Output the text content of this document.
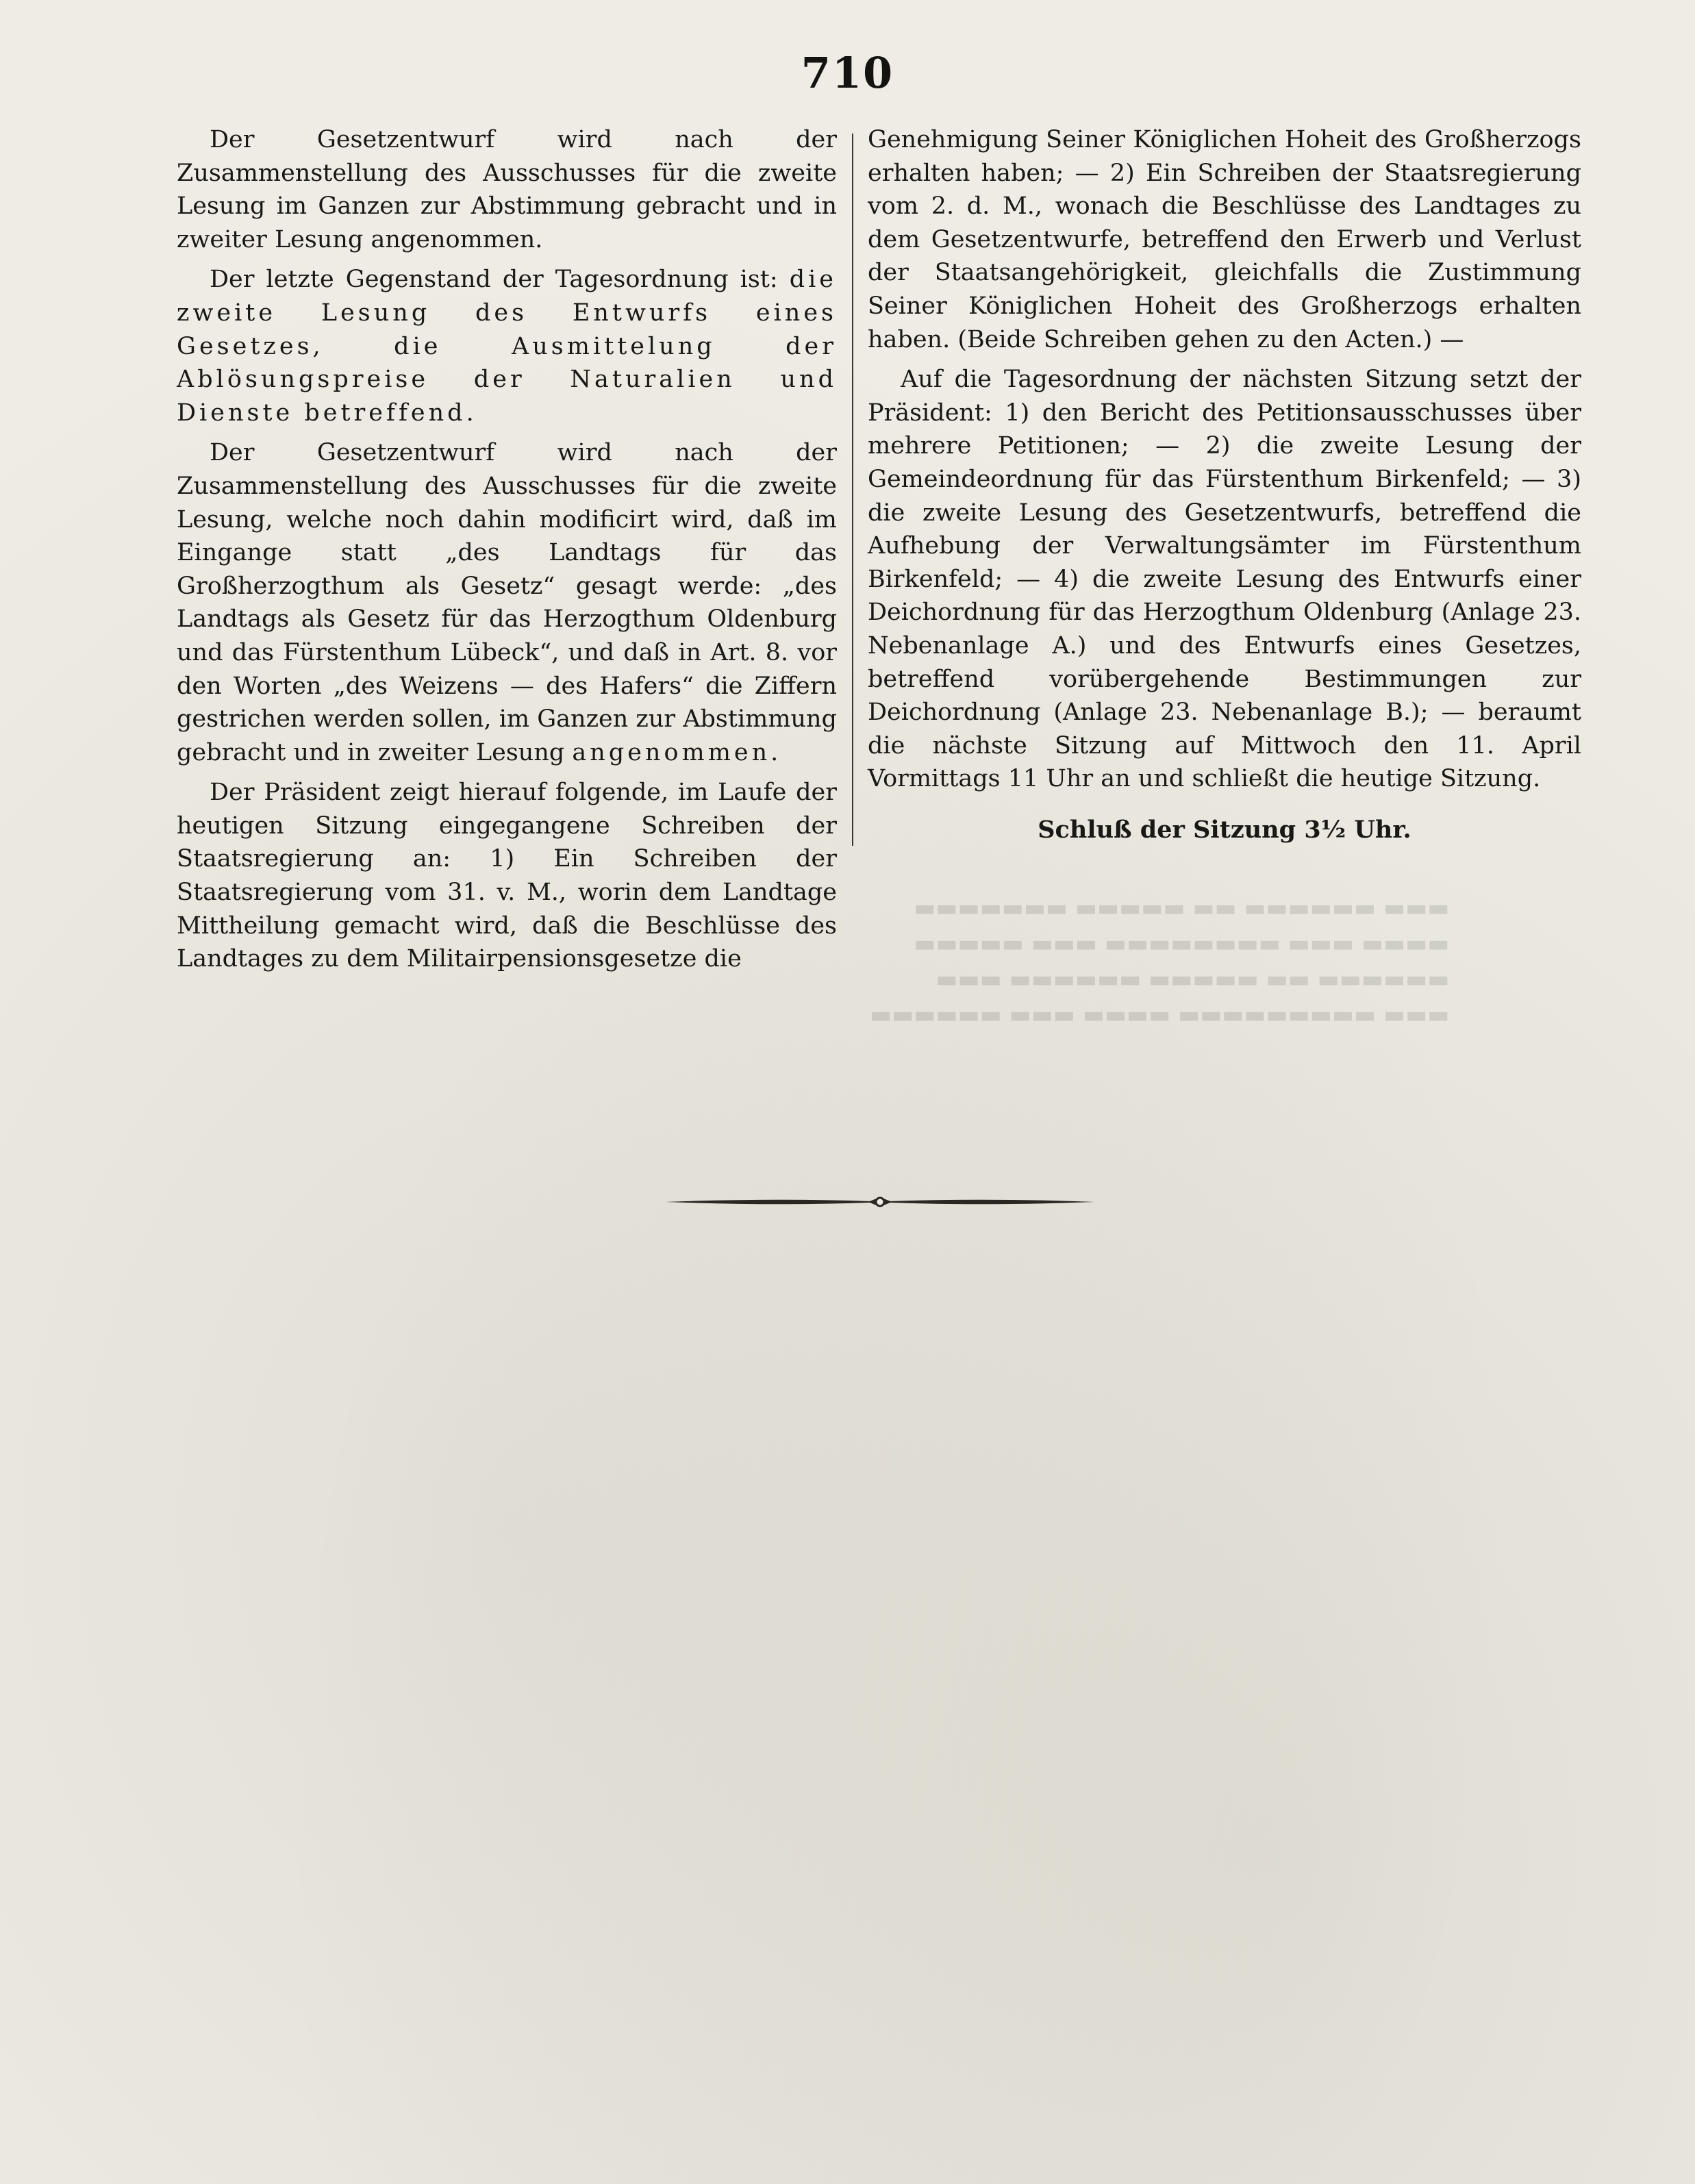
▬▬▬ ▬▬▬▬▬▬ ▬▬ ▬▬▬▬▬ ▬▬▬▬▬▬▬
▬▬▬▬ ▬▬▬ ▬▬▬▬▬▬▬▬ ▬▬▬ ▬▬▬▬▬
▬▬▬▬▬▬ ▬▬ ▬▬▬▬▬ ▬▬▬▬▬▬ ▬▬▬
▬▬▬ ▬▬▬▬▬▬▬▬▬ ▬▬▬▬ ▬▬▬ ▬▬▬▬▬▬
710

Der Gesetzentwurf wird nach der Zusammenstellung des Ausschusses für die zweite Lesung im Ganzen zur Abstimmung gebracht und in zweiter Lesung angenommen.

Der letzte Gegenstand der Tagesordnung ist: die zweite Lesung des Entwurfs eines Gesetzes, die Ausmittelung der Ablösungspreise der Naturalien und Dienste betreffend.

Der Gesetzentwurf wird nach der Zusammenstellung des Ausschusses für die zweite Lesung, welche noch dahin modificirt wird, daß im Eingange statt „des Landtags für das Großherzogthum als Gesetz“ gesagt werde: „des Landtags als Gesetz für das Herzogthum Oldenburg und das Fürstenthum Lübeck“, und daß in Art. 8. vor den Worten „des Weizens — des Hafers“ die Ziffern gestrichen werden sollen, im Ganzen zur Abstimmung gebracht und in zweiter Lesung angenommen.

Der Präsident zeigt hierauf folgende, im Laufe der heutigen Sitzung eingegangene Schreiben der Staatsregierung an: 1) Ein Schreiben der Staatsregierung vom 31. v. M., worin dem Landtage Mittheilung gemacht wird, daß die Beschlüsse des Landtages zu dem Militairpensionsgesetze die

Genehmigung Seiner Königlichen Hoheit des Großherzogs erhalten haben; — 2) Ein Schreiben der Staatsregierung vom 2. d. M., wonach die Beschlüsse des Landtages zu dem Gesetzentwurfe, betreffend den Erwerb und Verlust der Staatsangehörigkeit, gleichfalls die Zustimmung Seiner Königlichen Hoheit des Großherzogs erhalten haben. (Beide Schreiben gehen zu den Acten.) —

Auf die Tagesordnung der nächsten Sitzung setzt der Präsident: 1) den Bericht des Petitionsausschusses über mehrere Petitionen; — 2) die zweite Lesung der Gemeindeordnung für das Fürstenthum Birkenfeld; — 3) die zweite Lesung des Gesetzentwurfs, betreffend die Aufhebung der Verwaltungsämter im Fürstenthum Birkenfeld; — 4) die zweite Lesung des Entwurfs einer Deichordnung für das Herzogthum Oldenburg (Anlage 23. Nebenanlage A.) und des Entwurfs eines Gesetzes, betreffend vorübergehende Bestimmungen zur Deichordnung (Anlage 23. Nebenanlage B.); — beraumt die nächste Sitzung auf Mittwoch den 11. April Vormittags 11 Uhr an und schließt die heutige Sitzung.

Schluß der Sitzung 3½ Uhr.
